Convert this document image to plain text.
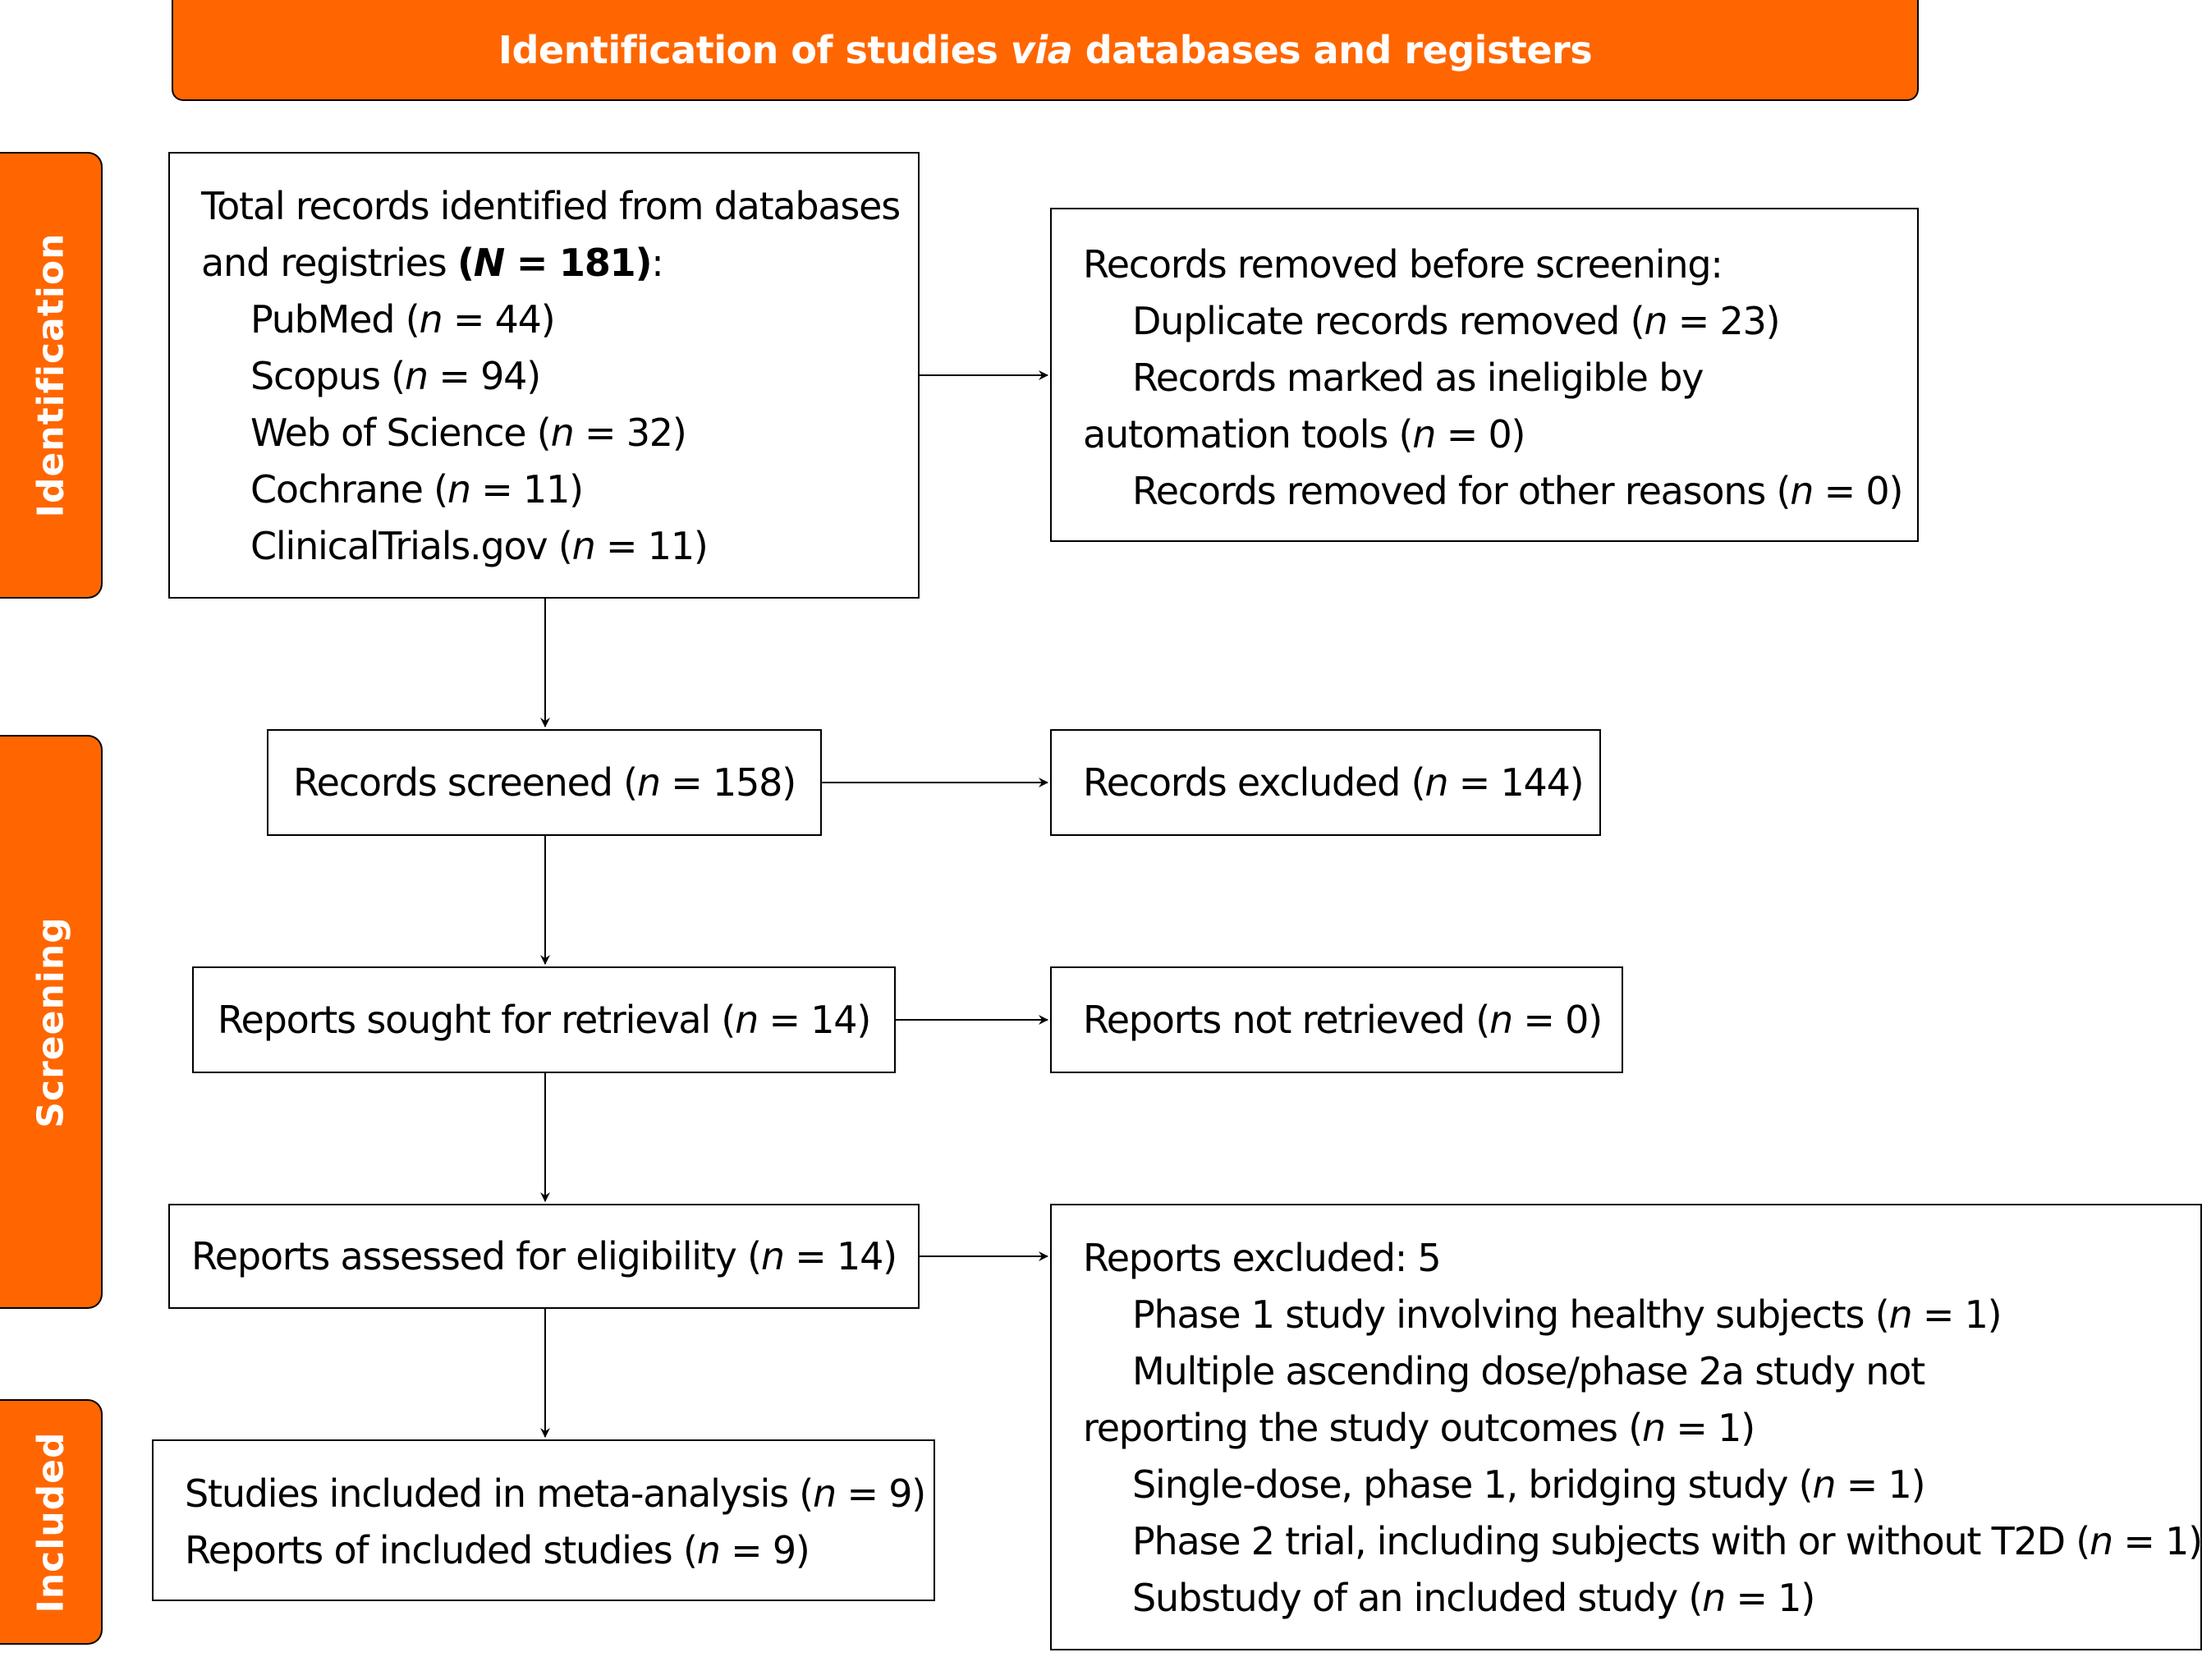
Identification of studies via databases and registers
Identification
Screening
Included
Total records identified from databases
and registries (N = 181):
PubMed (n = 44)
Scopus (n = 94)
Web of Science (n = 32)
Cochrane (n = 11)
ClinicalTrials.gov (n = 11)
Records removed before screening:
Duplicate records removed (n = 23)
Records marked as ineligible by
automation tools (n = 0)
Records removed for other reasons (n = 0)
Records screened (n = 158)	Records excluded (n = 144)
Reports sought for retrieval (n = 14)	Reports not retrieved (n = 0)
Reports assessed for eligibility (n = 14)	Reports excluded: 5
Phase 1 study involving healthy subjects (n = 1)
Multiple ascending dose/phase 2a study not
reporting the study outcomes (n = 1)
Single-dose, phase 1, bridging study (n = 1)
Phase 2 trial, including subjects with or without T2D (n = 1)
Substudy of an included study (n = 1)
Studies included in meta-analysis (n = 9)
Reports of included studies (n = 9)
